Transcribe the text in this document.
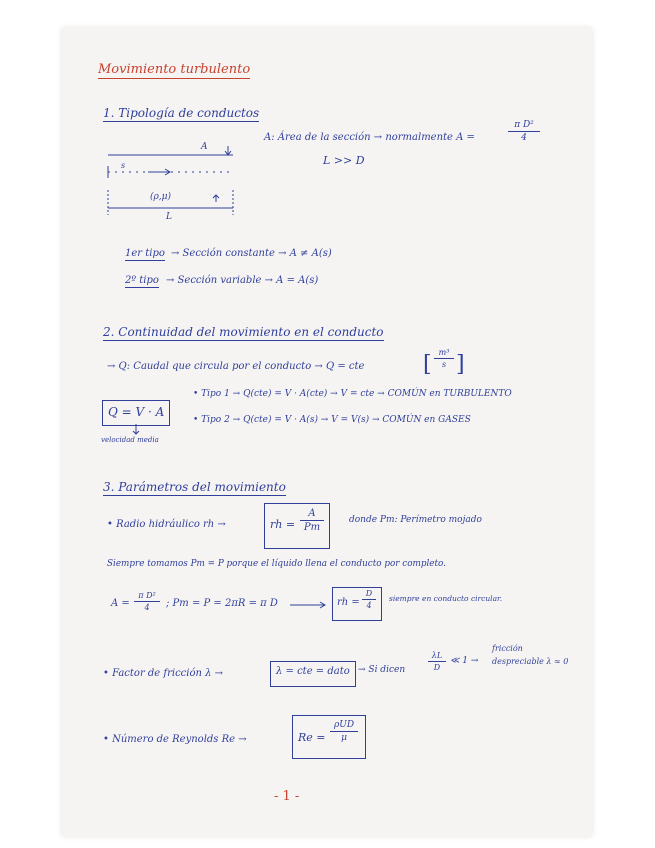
Movimiento turbulento
1. Tipología de conductos
A: Área de la sección → normalmente A =
π D²
4
L >> D
A
s
(ρ,μ)
L
1er tipo → Sección constante → A ≠ A(s)
2º tipo → Sección variable → A = A(s)
2. Continuidad del movimiento en el conducto
→ Q: Caudal que circula por el conducto → Q = cte	[ m³
s ]
Q = V · A
velocidad media
• Tipo 1 → Q(cte) = V · A(cte) → V = cte → COMÚN en TURBULENTO
• Tipo 2 → Q(cte) = V · A(s) → V = V(s) → COMÚN en GASES
3. Parámetros del movimiento
• Radio hidráulico rh →	rh =
A
Pm
donde Pm: Perímetro mojado
Siempre tomamos Pm = P porque el líquido llena el conducto por completo.
A =
π D²
4	; Pm = P = 2πR = π D	rh =
D
4
siempre en conducto circular.
• Factor de fricción λ →	λ = cte = dato → Si dicen
λL
D
≪ 1 →
fricción
despreciable λ ≈ 0
• Número de Reynolds Re →	Re =
ρUD
μ
- 1 -
